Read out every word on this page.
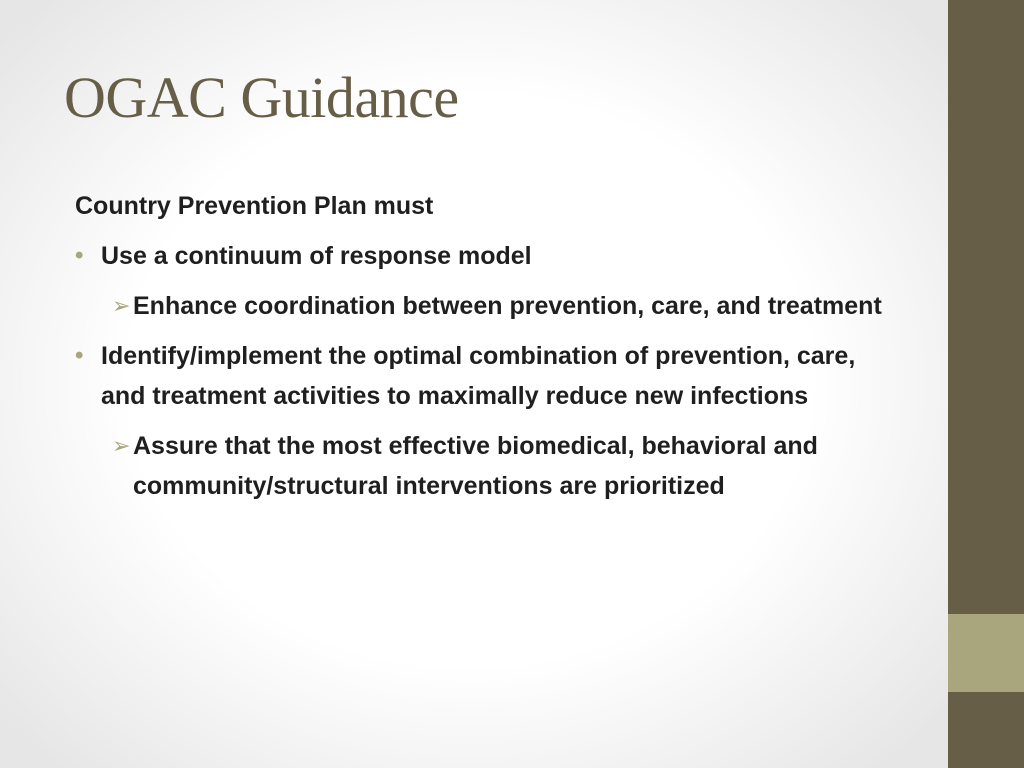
OGAC Guidance

Country Prevention Plan must

• Use a continuum of response model

➢ Enhance coordination between prevention, care, and treatment

• Identify/implement the optimal combination of prevention, care, and treatment activities to maximally reduce new infections

➢ Assure that the most effective biomedical, behavioral and community/structural interventions are prioritized
